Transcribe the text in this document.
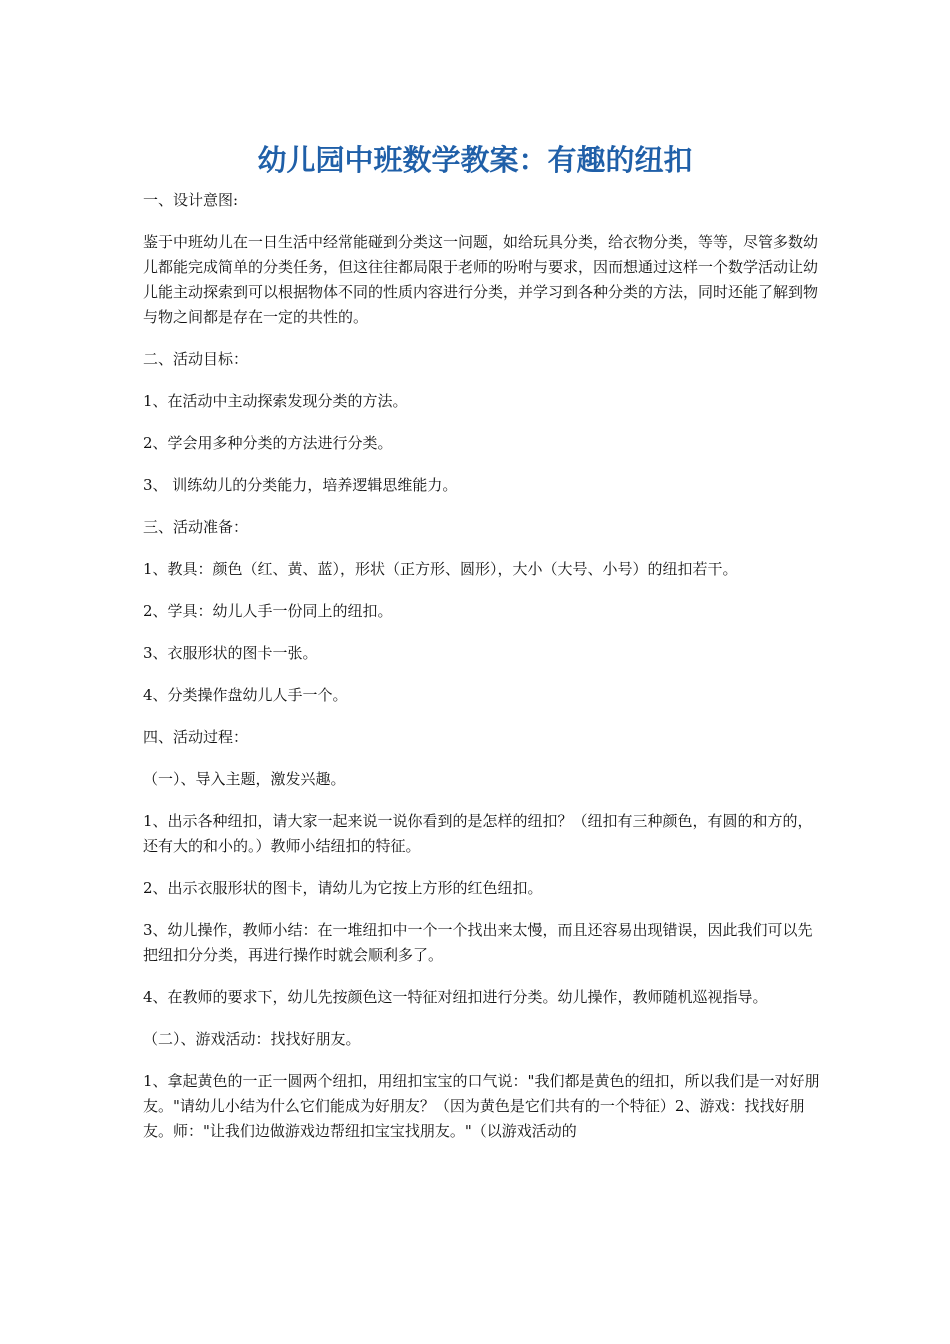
幼儿园中班数学教案：有趣的纽扣

一、设计意图:

鉴于中班幼儿在一日生活中经常能碰到分类这一问题，如给玩具分类，给衣物分类，等等，尽管多数幼儿都能完成简单的分类任务，但这往往都局限于老师的吩咐与要求，因而想通过这样一个数学活动让幼儿能主动探索到可以根据物体不同的性质内容进行分类，并学习到各种分类的方法，同时还能了解到物与物之间都是存在一定的共性的。

二、活动目标：

1、在活动中主动探索发现分类的方法。

2、学会用多种分类的方法进行分类。

3、 训练幼儿的分类能力，培养逻辑思维能力。

三、活动准备：

1、教具：颜色（红、黄、蓝），形状（正方形、圆形），大小（大号、小号）的纽扣若干。

2、学具：幼儿人手一份同上的纽扣。

3、衣服形状的图卡一张。

4、分类操作盘幼儿人手一个。

四、活动过程：

（一）、导入主题，激发兴趣。

1、出示各种纽扣，请大家一起来说一说你看到的是怎样的纽扣？（纽扣有三种颜色，有圆的和方的，还有大的和小的。）教师小结纽扣的特征。

2、出示衣服形状的图卡，请幼儿为它按上方形的红色纽扣。

3、幼儿操作，教师小结：在一堆纽扣中一个一个找出来太慢，而且还容易出现错误，因此我们可以先把纽扣分分类，再进行操作时就会顺利多了。

4、在教师的要求下，幼儿先按颜色这一特征对纽扣进行分类。幼儿操作，教师随机巡视指导。

（二）、游戏活动：找找好朋友。

1、拿起黄色的一正一圆两个纽扣，用纽扣宝宝的口气说："我们都是黄色的纽扣，所以我们是一对好朋友。"请幼儿小结为什么它们能成为好朋友？（因为黄色是它们共有的一个特征）2、游戏：找找好朋友。师："让我们边做游戏边帮纽扣宝宝找朋友。"（以游戏活动的
